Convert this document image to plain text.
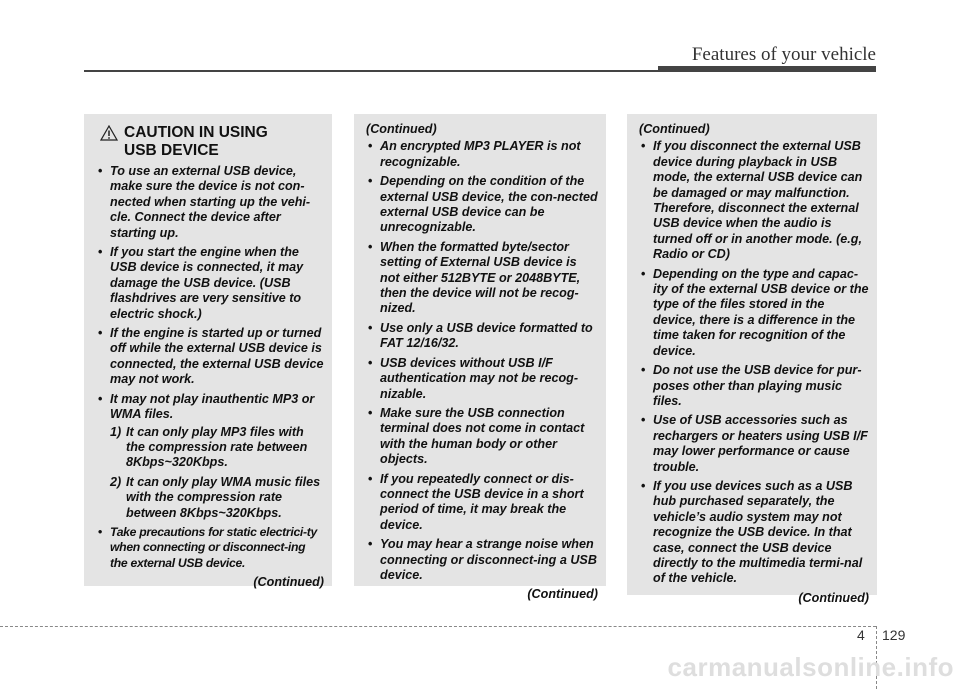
Features of your vehicle
CAUTION IN USING
USB DEVICE
• To use an external USB device, make sure the device is not con-nected when starting up the vehi-cle. Connect the device after starting up.
• If you start the engine when the USB device is connected, it may damage the USB device. (USB flashdrives are very sensitive to electric shock.)
• If the engine is started up or turned off while the external USB device is connected, the external USB device may not work.
• It may not play inauthentic MP3 or WMA files.
1) It can only play MP3 files with the compression rate between 8Kbps~320Kbps.
2) It can only play WMA music files with the compression rate between 8Kbps~320Kbps.
• Take precautions for static electrici-ty when connecting or disconnect-ing the external USB device.
(Continued)
(Continued)
• An encrypted MP3 PLAYER is not recognizable.
• Depending on the condition of the external USB device, the con-nected external USB device can be unrecognizable.
• When the formatted byte/sector setting of External USB device is not either 512BYTE or 2048BYTE, then the device will not be recog-nized.
• Use only a USB device formatted to FAT 12/16/32.
• USB devices without USB I/F authentication may not be recog-nizable.
• Make sure the USB connection terminal does not come in contact with the human body or other objects.
• If you repeatedly connect or dis-connect the USB device in a short period of time, it may break the device.
• You may hear a strange noise when connecting or disconnect-ing a USB device.
(Continued)
(Continued)
• If you disconnect the external USB device during playback in USB mode, the external USB device can be damaged or may malfunction. Therefore, disconnect the external USB device when the audio is turned off or in another mode. (e.g, Radio or CD)
• Depending on the type and capac-ity of the external USB device or the type of the files stored in the device, there is a difference in the time taken for recognition of the device.
• Do not use the USB device for pur-poses other than playing music files.
• Use of USB accessories such as rechargers or heaters using USB I/F may lower performance or cause trouble.
• If you use devices such as a USB hub purchased separately, the vehicle’s audio system may not recognize the USB device. In that case, connect the USB device directly to the multimedia termi-nal of the vehicle.
(Continued)
4 129
carmanualsonline.info
